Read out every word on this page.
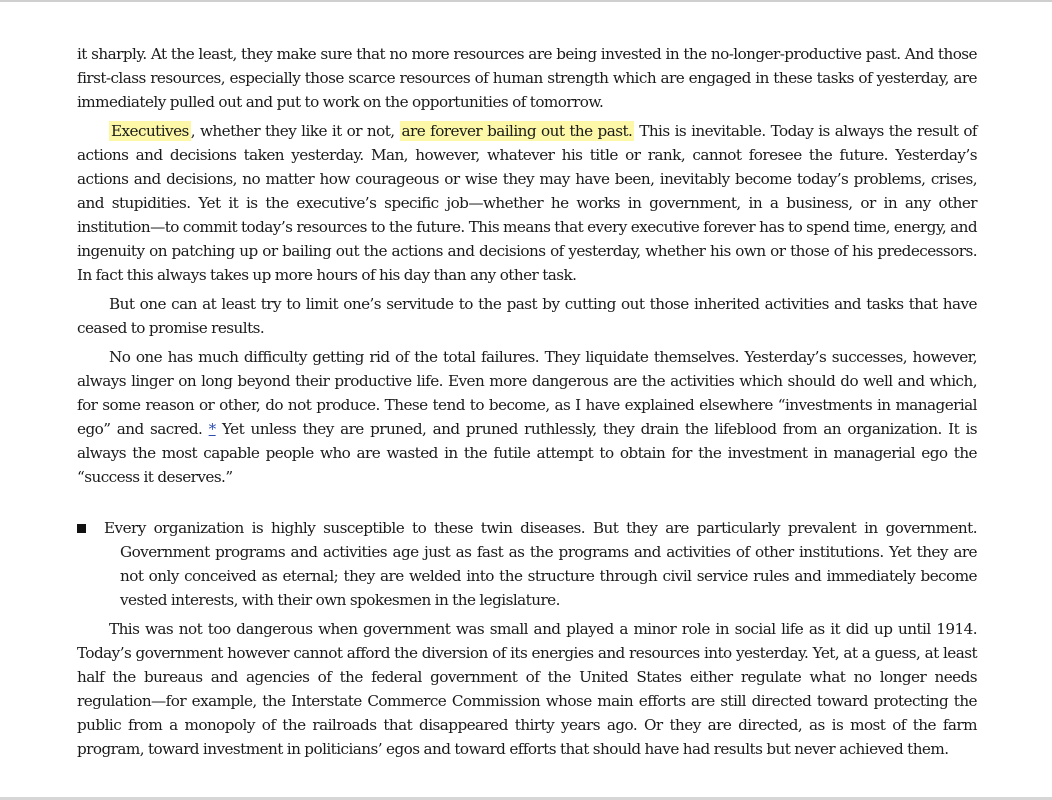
it sharply. At the least, they make sure that no more resources are being invested in the no-longer-productive past. And those first-class resources, especially those scarce resources of human strength which are engaged in these tasks of yesterday, are immediately pulled out and put to work on the opportunities of tomorrow.

Executives , whether they like it or not, are forever bailing out the past. This is inevitable. Today is always the result of actions and decisions taken yesterday. Man, however, whatever his title or rank, cannot foresee the future. Yesterday’s actions and decisions, no matter how courageous or wise they may have been, inevitably become today’s problems, crises, and stupidities. Yet it is the executive’s specific job—whether he works in government, in a business, or in any other institution—to commit today’s resources to the future. This means that every executive forever has to spend time, energy, and ingenuity on patching up or bailing out the actions and decisions of yesterday, whether his own or those of his predecessors. In fact this always takes up more hours of his day than any other task.

But one can at least try to limit one’s servitude to the past by cutting out those inherited activities and tasks that have ceased to promise results.

No one has much difficulty getting rid of the total failures. They liquidate themselves. Yesterday’s successes, however, always linger on long beyond their productive life. Even more dangerous are the activities which should do well and which, for some reason or other, do not produce. These tend to become, as I have explained elsewhere “investments in managerial ego” and sacred. * Yet unless they are pruned, and pruned ruthlessly, they drain the lifeblood from an organization. It is always the most capable people who are wasted in the futile attempt to obtain for the investment in managerial ego the “success it deserves.”

Every organization is highly susceptible to these twin diseases. But they are particularly prevalent in government. Government programs and activities age just as fast as the programs and activities of other institutions. Yet they are not only conceived as eternal; they are welded into the structure through civil service rules and immediately become vested interests, with their own spokesmen in the legislature.

This was not too dangerous when government was small and played a minor role in social life as it did up until 1914. Today’s government however cannot afford the diversion of its energies and resources into yesterday. Yet, at a guess, at least half the bureaus and agencies of the federal government of the United States either regulate what no longer needs regulation—for example, the Interstate Commerce Commission whose main efforts are still directed toward protecting the public from a monopoly of the railroads that disappeared thirty years ago. Or they are directed, as is most of the farm program, toward investment in politicians’ egos and toward efforts that should have had results but never achieved them.
